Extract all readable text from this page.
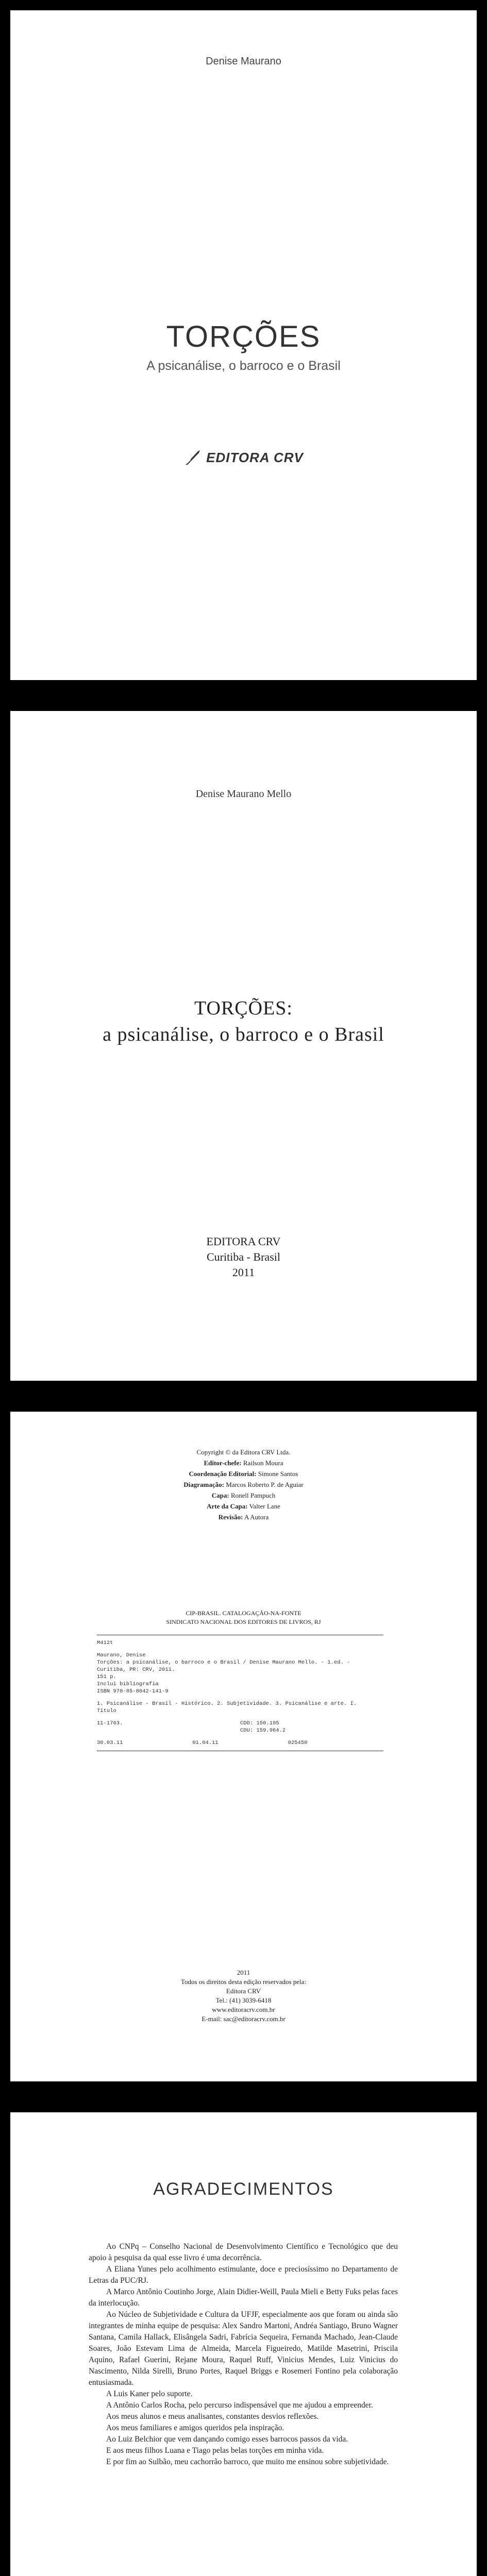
Denise Maurano
TORÇÕES
A psicanálise, o barroco e o Brasil
EDITORA CRV
Denise Maurano Mello
TORÇÕES:
a psicanálise, o barroco e o Brasil
EDITORA CRV
Curitiba - Brasil
2011
Copyright © da Editora CRV Ltda.
Editor-chefe: Railson Moura
Coordenação Editorial: Simone Santos
Diagramação: Marcos Roberto P. de Aguiar
Capa: Ronell Pampuch
Arte da Capa: Valter Lane
Revisão: A Autora
CIP-BRASIL. CATALOGAÇÃO-NA-FONTE
SINDICATO NACIONAL DOS EDITORES DE LIVROS, RJ
M412t
Maurano, Denise
Torções: a psicanálise, o barroco e o Brasil / Denise Maurano Mello. - 1.ed. -
Curitiba, PR: CRV, 2011.
151 p.
Inclui bibliografia
ISBN 978-85-8042-141-9
1. Psicanálise - Brasil - Histórico. 2. Subjetividade. 3. Psicanálise e arte. I.
Título
11-1763.	CDD: 150.195
CDU: 159.964.2
30.03.11	01.04.11	025450
2011
Todos os direitos desta edição reservados pela:
Editora CRV
Tel.: (41) 3039-6418
www.editoracrv.com.br
E-mail: sac@editoracrv.com.br
AGRADECIMENTOS

Ao CNPq – Conselho Nacional de Desenvolvimento Científico e Tecnológico que deu apoio à pesquisa da qual esse livro é uma decorrência.

A Eliana Yunes pelo acolhimento estimulante, doce e preciosíssimo no Departamento de Letras da PUC/RJ.

A Marco Antônio Coutinho Jorge, Alain Didier-Weill, Paula Mieli e Betty Fuks pelas faces da interlocução.

Ao Núcleo de Subjetividade e Cultura da UFJF, especialmente aos que foram ou ainda são integrantes de minha equipe de pesquisa: Alex Sandro Martoni, Andréa Santiago, Bruno Wagner Santana, Camila Hallack, Elisângela Sadri, Fabrícia Sequeira, Fernanda Machado, Jean-Claude Soares, João Estevam Lima de Almeida, Marcela Figueiredo, Matilde Masetrini, Priscila Aquino, Rafael Guerini, Rejane Moura, Raquel Ruff, Vinicius Mendes, Luiz Vinicius do Nascimento, Nilda Sirelli, Bruno Portes, Raquel Briggs e Rosemeri Fontino pela colaboração entusiasmada.

A Luis Kaner pelo suporte.

A Antônio Carlos Rocha, pelo percurso indispensável que me ajudou a empreender.

Aos meus alunos e meus analisantes, constantes desvios reflexões.

Aos meus familiares e amigos queridos pela inspiração.

Ao Luiz Belchior que vem dançando comigo esses barrocos passos da vida.

E aos meus filhos Luana e Tiago pelas belas torções em minha vida.

E por fim ao Sulbão, meu cachorrão barroco, que muito me ensinou sobre subjetividade.
